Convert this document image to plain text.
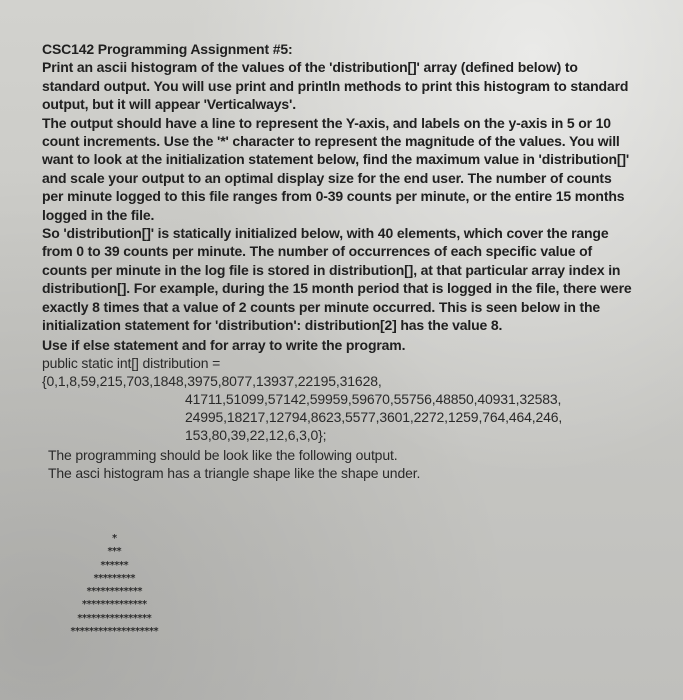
CSC142 Programming Assignment #5:

Print an ascii histogram of the values of the 'distribution[]' array (defined below) to standard output. You will use print and println methods to print this histogram to standard output, but it will appear 'Verticalways'.

The output should have a line to represent the Y-axis, and labels on the y-axis in 5 or 10 count increments. Use the '*' character to represent the magnitude of the values. You will want to look at the initialization statement below, find the maximum value in 'distribution[]' and scale your output to an optimal display size for the end user. The number of counts per minute logged to this file ranges from 0-39 counts per minute, or the entire 15 months logged in the file.

So 'distribution[]' is statically initialized below, with 40 elements, which cover the range from 0 to 39 counts per minute. The number of occurrences of each specific value of counts per minute in the log file is stored in distribution[], at that particular array index in distribution[]. For example, during the 15 month period that is logged in the file, there were exactly 8 times that a value of 2 counts per minute occurred. This is seen below in the initialization statement for 'distribution': distribution[2] has the value 8.

Use if else statement and for array to write the program.

public static int[] distribution =
{0,1,8,59,215,703,1848,3975,8077,13937,22195,31628,
41711,51099,57142,59959,59670,55756,48850,40931,32583,
24995,18217,12794,8623,5577,3601,2272,1259,764,464,246,
153,80,39,22,12,6,3,0};

The programming should be look like the following output.

The asci histogram has a triangle shape like the shape under.

*
***
******
*********
************
**************
****************
*******************
